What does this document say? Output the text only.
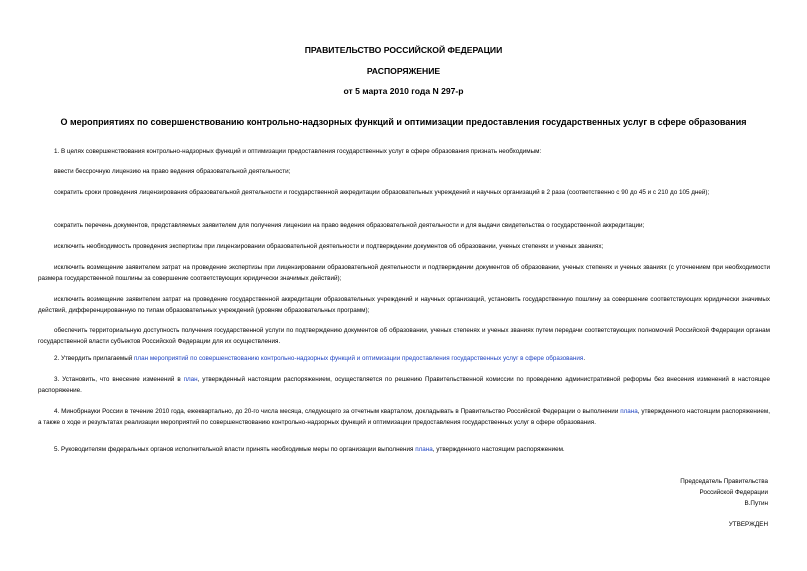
ПРАВИТЕЛЬСТВО РОССИЙСКОЙ ФЕДЕРАЦИИ
РАСПОРЯЖЕНИЕ
от 5 марта 2010 года N 297-р
О мероприятиях по совершенствованию контрольно-надзорных функций и оптимизации предоставления государственных услуг в сфере образования

1. В целях совершенствования контрольно-надзорных функций и оптимизации предоставления государственных услуг в сфере образования признать необходимым:

ввести бессрочную лицензию на право ведения образовательной деятельности;

сократить сроки проведения лицензирования образовательной деятельности и государственной аккредитации образовательных учреждений и научных организаций в 2 раза (соответственно с 90 до 45 и с 210 до 105 дней);

сократить перечень документов, представляемых заявителем для получения лицензии на право ведения образовательной деятельности и для выдачи свидетельства о государственной аккредитации;

исключить необходимость проведения экспертизы при лицензировании образовательной деятельности и подтверждении документов об образовании, ученых степенях и ученых званиях;

исключить возмещение заявителем затрат на проведение экспертизы при лицензировании образовательной деятельности и подтверждении документов об образовании, ученых степенях и ученых званиях (с уточнением при необходимости размера государственной пошлины за совершение соответствующих юридически значимых действий);

исключить возмещение заявителем затрат на проведение государственной аккредитации образовательных учреждений и научных организаций, установить государственную пошлину за совершение соответствующих юридически значимых действий, дифференцированную по типам образовательных учреждений (уровням образовательных программ);

обеспечить территориальную доступность получения государственной услуги по подтверждению документов об образовании, ученых степенях и ученых званиях путем передачи соответствующих полномочий Российской Федерации органам государственной власти субъектов Российской Федерации для их осуществления.

2. Утвердить прилагаемый план мероприятий по совершенствованию контрольно-надзорных функций и оптимизации предоставления государственных услуг в сфере образования.

3. Установить, что внесение изменений в план, утвержденный настоящим распоряжением, осуществляется по решению Правительственной комиссии по проведению административной реформы без внесения изменений в настоящее распоряжение.

4. Минобрнауки России в течение 2010 года, ежеквартально, до 20-го числа месяца, следующего за отчетным кварталом, докладывать в Правительство Российской Федерации о выполнении плана, утвержденного настоящим распоряжением, а также о ходе и результатах реализации мероприятий по совершенствованию контрольно-надзорных функций и оптимизации предоставления государственных услуг в сфере образования.

5. Руководителям федеральных органов исполнительной власти принять необходимые меры по организации выполнения плана, утвержденного настоящим распоряжением.

Председатель Правительства
Российской Федерации
В.Путин
УТВЕРЖДЕН
